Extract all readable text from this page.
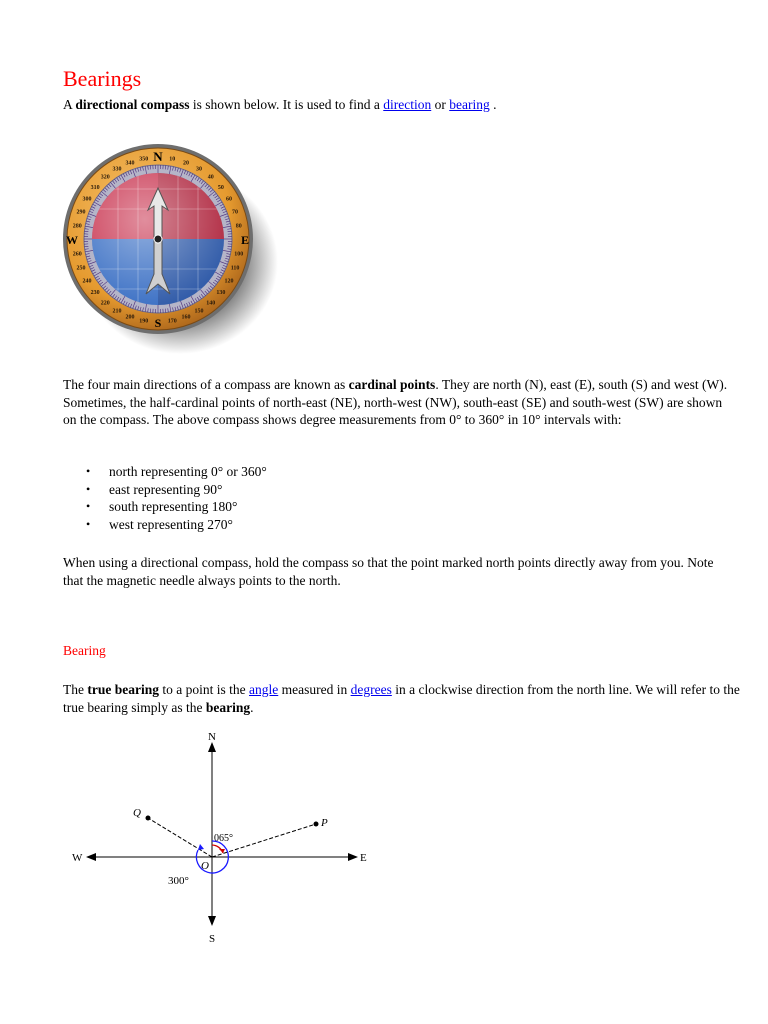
Bearings
A directional compass is shown below. It is used to find a direction or bearing .
N
E
S
W
10
20
30
40
50
60
70
80
100
110
120
130
140
150
160
170
190
200
210
220
230
240
250
260
280
290
300
310
320
330
340
350
The four main directions of a compass are known as cardinal points. They are north (N), east (E), south (S) and west (W). Sometimes, the half-cardinal points of north-east (NE), north-west (NW), south-east (SE) and south-west (SW) are shown on the compass. The above compass shows degree measurements from 0° to 360° in 10° intervals with:
• north representing 0° or 360°
• east representing 90°
• south representing 180°
• west representing 270°
When using a directional compass, hold the compass so that the point marked north points directly away from you. Note that the magnetic needle always points to the north.
Bearing
The true bearing to a point is the angle measured in degrees in a clockwise direction from the north line. We will refer to the true bearing simply as the bearing.
N
S
E
W
P
Q
O
065°
300°
